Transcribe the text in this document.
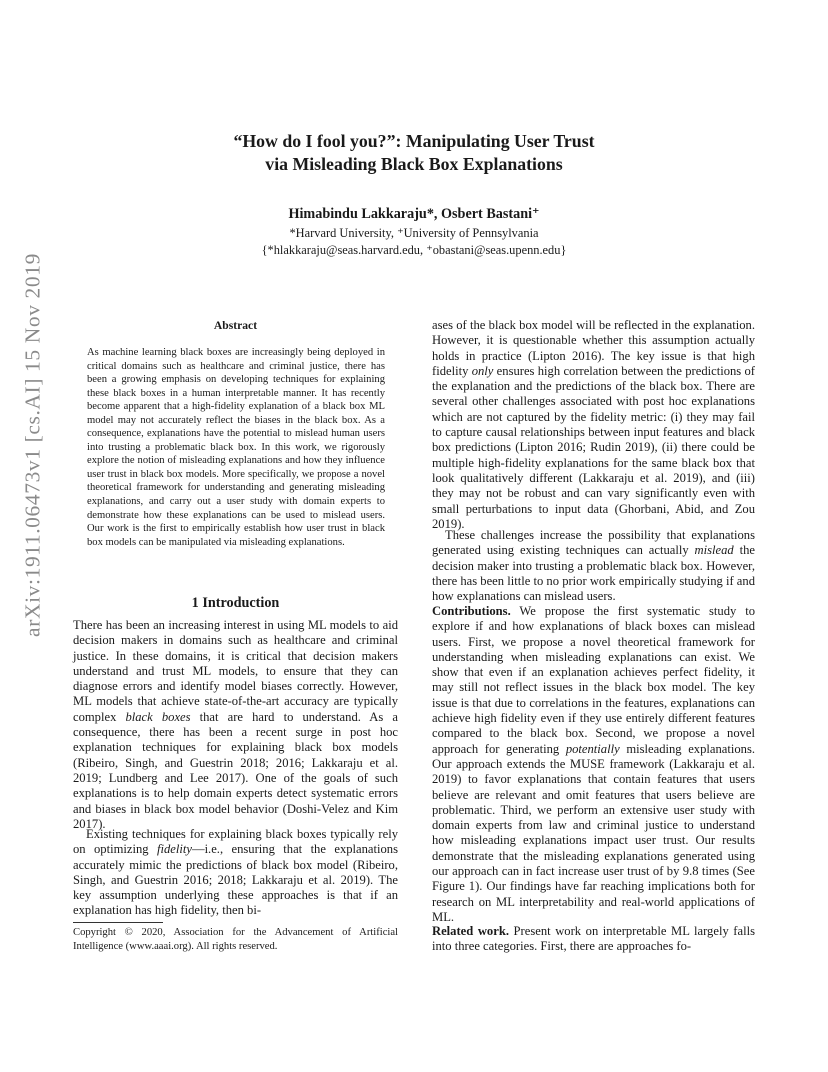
arXiv:1911.06473v1 [cs.AI] 15 Nov 2019
“How do I fool you?”: Manipulating User Trust
via Misleading Black Box Explanations
Himabindu Lakkaraju*, Osbert Bastani⁺
*Harvard University, ⁺University of Pennsylvania
{*hlakkaraju@seas.harvard.edu, ⁺obastani@seas.upenn.edu}
Abstract

As machine learning black boxes are increasingly being deployed in critical domains such as healthcare and criminal justice, there has been a growing emphasis on developing techniques for explaining these black boxes in a human interpretable manner. It has recently become apparent that a high-fidelity explanation of a black box ML model may not accurately reflect the biases in the black box. As a consequence, explanations have the potential to mislead human users into trusting a problematic black box. In this work, we rigorously explore the notion of misleading explanations and how they influence user trust in black box models. More specifically, we propose a novel theoretical framework for understanding and generating misleading explanations, and carry out a user study with domain experts to demonstrate how these explanations can be used to mislead users. Our work is the first to empirically establish how user trust in black box models can be manipulated via misleading explanations.

1 Introduction

There has been an increasing interest in using ML models to aid decision makers in domains such as healthcare and criminal justice. In these domains, it is critical that decision makers understand and trust ML models, to ensure that they can diagnose errors and identify model biases correctly. However, ML models that achieve state-of-the-art accuracy are typically complex black boxes that are hard to understand. As a consequence, there has been a recent surge in post hoc explanation techniques for explaining black box models (Ribeiro, Singh, and Guestrin 2018; 2016; Lakkaraju et al. 2019; Lundberg and Lee 2017). One of the goals of such explanations is to help domain experts detect systematic errors and biases in black box model behavior (Doshi-Velez and Kim 2017).

Existing techniques for explaining black boxes typically rely on optimizing fidelity—i.e., ensuring that the explanations accurately mimic the predictions of black box model (Ribeiro, Singh, and Guestrin 2016; 2018; Lakkaraju et al. 2019). The key assumption underlying these approaches is that if an explanation has high fidelity, then bi-

Copyright © 2020, Association for the Advancement of Artificial Intelligence (www.aaai.org). All rights reserved.

ases of the black box model will be reflected in the explanation. However, it is questionable whether this assumption actually holds in practice (Lipton 2016). The key issue is that high fidelity only ensures high correlation between the predictions of the explanation and the predictions of the black box. There are several other challenges associated with post hoc explanations which are not captured by the fidelity metric: (i) they may fail to capture causal relationships between input features and black box predictions (Lipton 2016; Rudin 2019), (ii) there could be multiple high-fidelity explanations for the same black box that look qualitatively different (Lakkaraju et al. 2019), and (iii) they may not be robust and can vary significantly even with small perturbations to input data (Ghorbani, Abid, and Zou 2019).

These challenges increase the possibility that explanations generated using existing techniques can actually mislead the decision maker into trusting a problematic black box. However, there has been little to no prior work empirically studying if and how explanations can mislead users.

Contributions. We propose the first systematic study to explore if and how explanations of black boxes can mislead users. First, we propose a novel theoretical framework for understanding when misleading explanations can exist. We show that even if an explanation achieves perfect fidelity, it may still not reflect issues in the black box model. The key issue is that due to correlations in the features, explanations can achieve high fidelity even if they use entirely different features compared to the black box. Second, we propose a novel approach for generating potentially misleading explanations. Our approach extends the MUSE framework (Lakkaraju et al. 2019) to favor explanations that contain features that users believe are relevant and omit features that users believe are problematic. Third, we perform an extensive user study with domain experts from law and criminal justice to understand how misleading explanations impact user trust. Our results demonstrate that the misleading explanations generated using our approach can in fact increase user trust of by 9.8 times (See Figure 1). Our findings have far reaching implications both for research on ML interpretability and real-world applications of ML.

Related work. Present work on interpretable ML largely falls into three categories. First, there are approaches fo-
